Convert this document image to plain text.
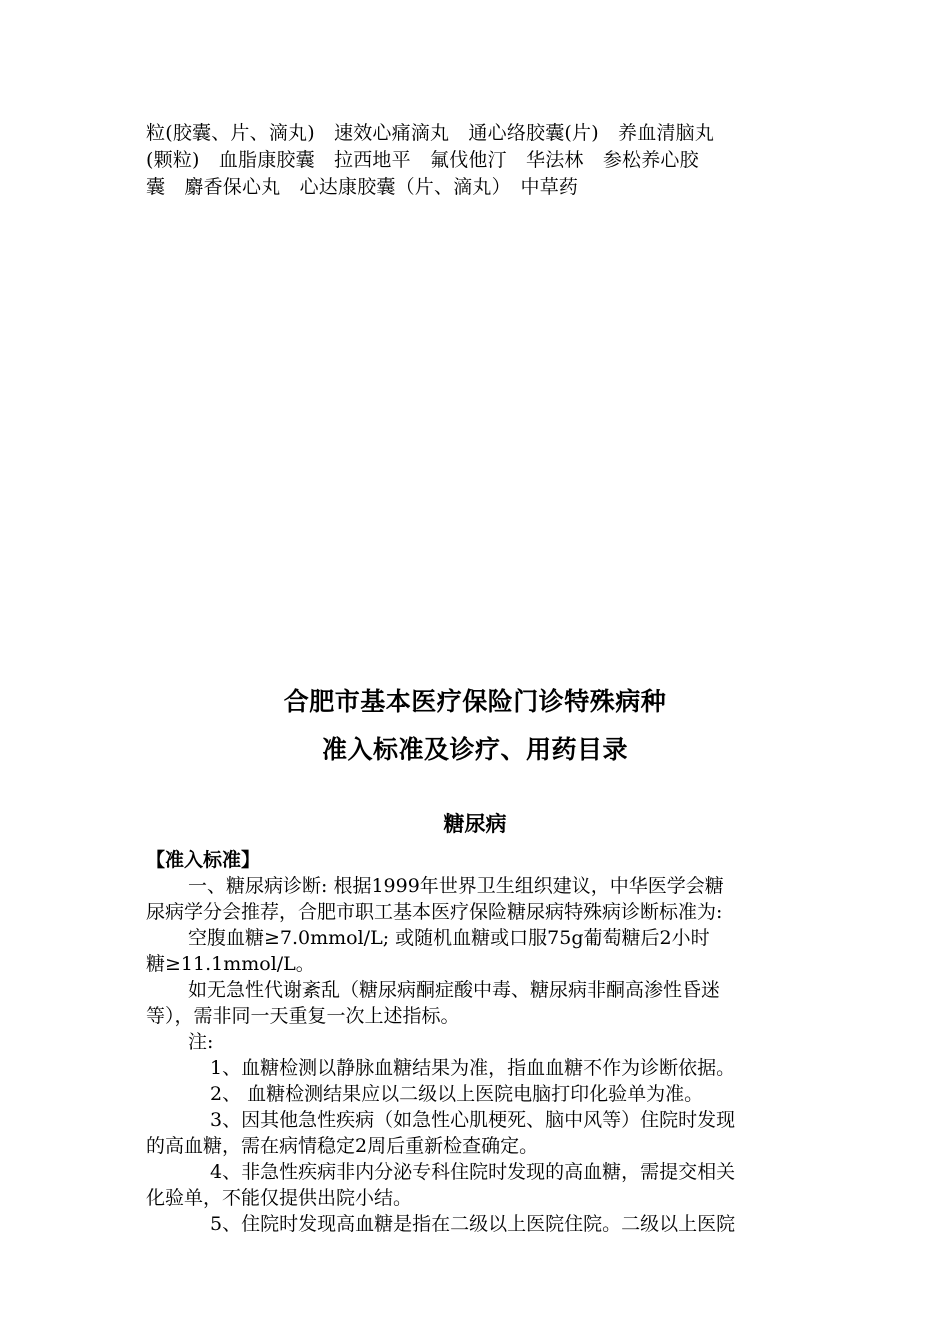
粒(胶囊、片、滴丸)　速效心痛滴丸　通心络胶囊(片)　养血清脑丸

(颗粒)　血脂康胶囊　拉西地平　氟伐他汀　华法林　参松养心胶

囊　麝香保心丸　心达康胶囊（片、滴丸）　中草药

合肥市基本医疗保险门诊特殊病种
准入标准及诊疗、用药目录
糖尿病

【准入标准】

一、糖尿病诊断: 根据1999年世界卫生组织建议，中华医学会糖

尿病学分会推荐，合肥市职工基本医疗保险糖尿病特殊病诊断标准为:

空腹血糖≥7.0mmol/L; 或随机血糖或口服75g葡萄糖后2小时

糖≥11.1mmol/L。

如无急性代谢紊乱（糖尿病酮症酸中毒、糖尿病非酮高渗性昏迷

等），需非同一天重复一次上述指标。

注:

1、血糖检测以静脉血糖结果为准，指血血糖不作为诊断依据。

2、 血糖检测结果应以二级以上医院电脑打印化验单为准。

3、因其他急性疾病（如急性心肌梗死、脑中风等）住院时发现

的高血糖，需在病情稳定2周后重新检查确定。

4、非急性疾病非内分泌专科住院时发现的高血糖，需提交相关

化验单，不能仅提供出院小结。

5、住院时发现高血糖是指在二级以上医院住院。二级以上医院
